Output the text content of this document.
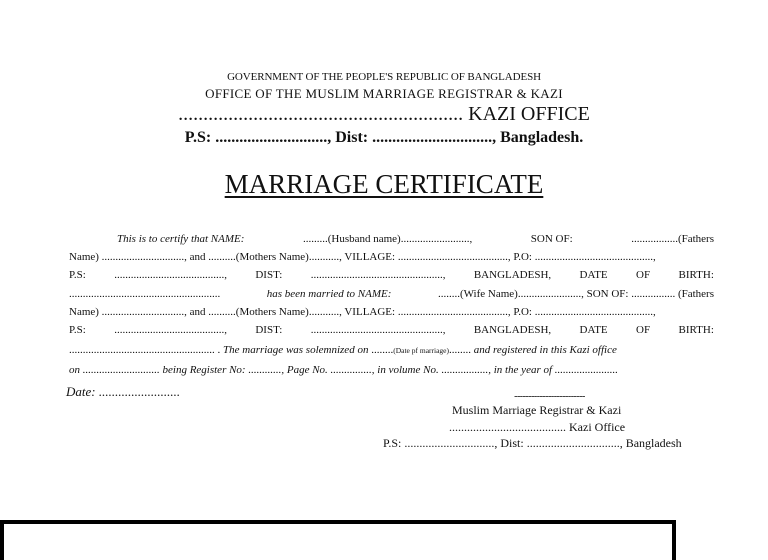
GOVERNMENT OF THE PEOPLE'S REPUBLIC OF BANGLADESH
OFFICE OF THE MUSLIM MARRIAGE REGISTRAR & KAZI
......................................................... KAZI OFFICE
P.S: ............................, Dist: .............................., Bangladesh.
MARRIAGE CERTIFICATE
This is to certify that NAME:	.........(Husband name).........................,	SON OF:	.................(Fathers
Name) .............................., and ..........(Mothers Name)..........., VILLAGE: ........................................, P.O: ...........................................,
P.S:	........................................,	DIST:	................................................,	BANGLADESH,	DATE	OF	BIRTH:
.......................................................	has been married to NAME:	........(Wife Name)......................., SON OF: ................ (Fathers
Name) .............................., and ..........(Mothers Name)..........., VILLAGE: ........................................, P.O: ...........................................,
P.S:	........................................,	DIST:	................................................,	BANGLADESH,	DATE	OF	BIRTH:
..................................................... .
The marriage was solemnized on
........ (Date pf marriage) ........
and registered in this Kazi office
on ............................ being Register No: ............, Page No. ..............., in volume No. ................., in the year of .......................
Date: .........................	-------------------------
Muslim Marriage Registrar & Kazi
....................................... Kazi Office
P.S: .............................., Dist: ..............................., Bangladesh
